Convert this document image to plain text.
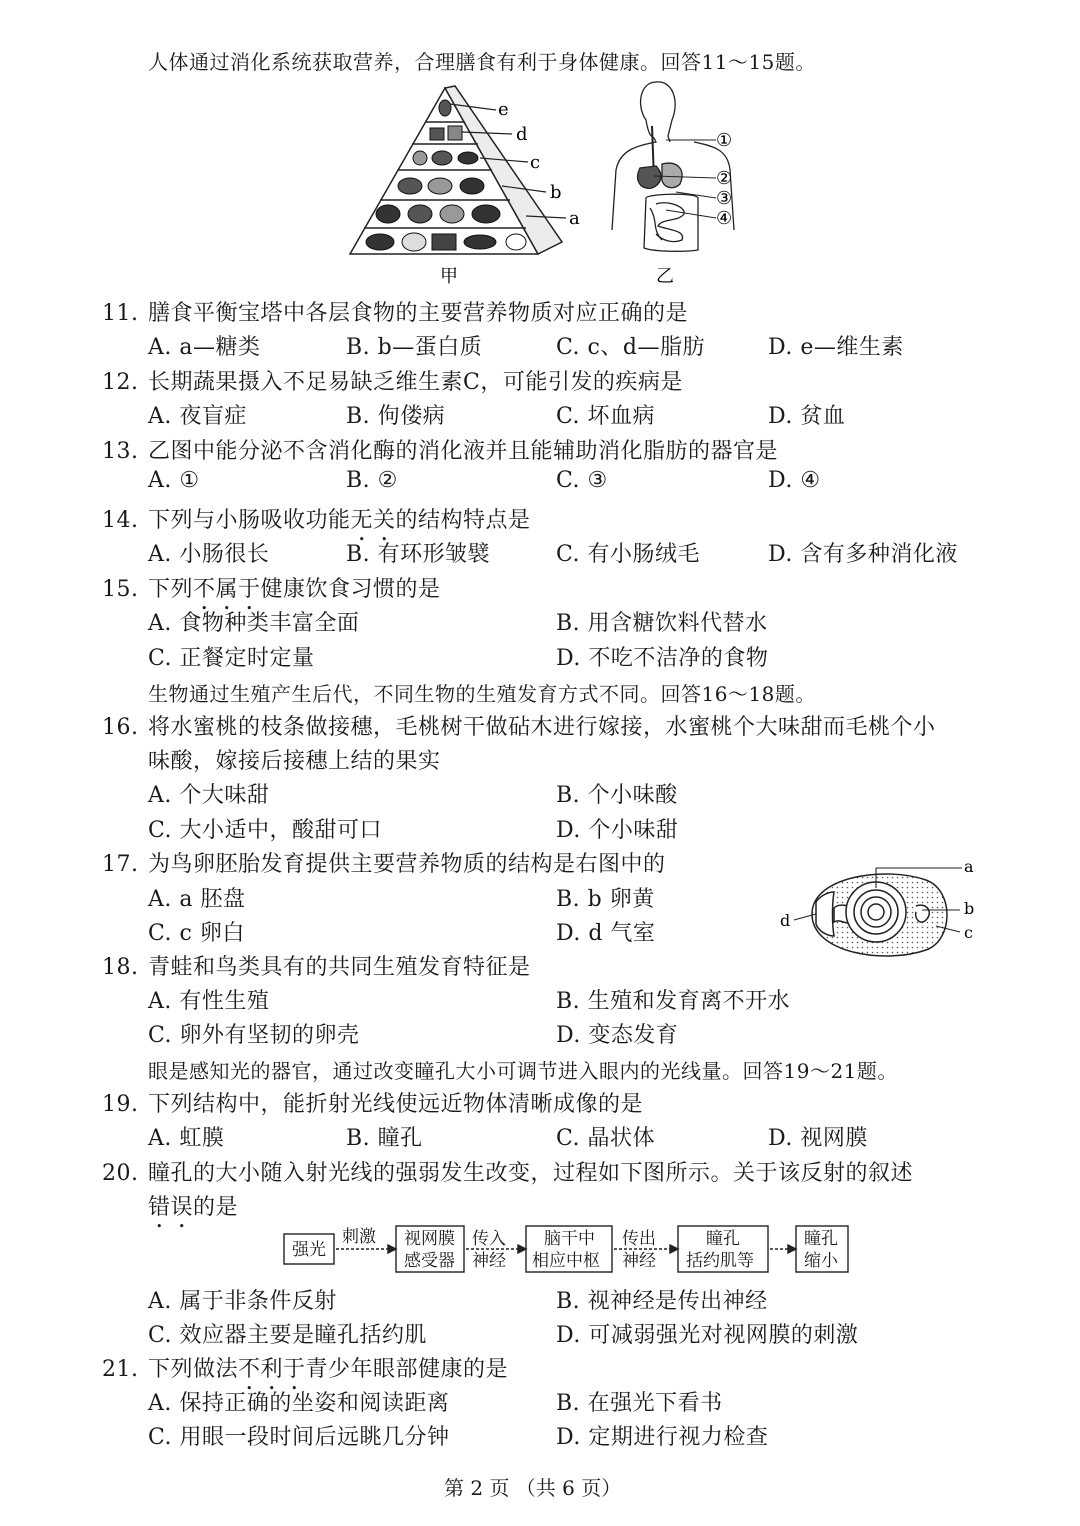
人体通过消化系统获取营养，合理膳食有利于身体健康。回答11～15题。
e
d
c
b
a
甲
①
②
③
④
乙
11. 膳食平衡宝塔中各层食物的主要营养物质对应正确的是
A. a—糖类	B. b—蛋白质	C. c、d—脂肪	D. e—维生素
12. 长期蔬果摄入不足易缺乏维生素C，可能引发的疾病是
A. 夜盲症	B. 佝偻病	C. 坏血病	D. 贫血
13. 乙图中能分泌不含消化酶的消化液并且能辅助消化脂肪的器官是
A. ①	B. ②	C. ③	D. ④
14. 下列与小肠吸收功能无关的结构特点是
A. 小肠很长	B. 有环形皱襞	C. 有小肠绒毛	D. 含有多种消化液
15. 下列不属于健康饮食习惯的是
A. 食物种类丰富全面	B. 用含糖饮料代替水
C. 正餐定时定量	D. 不吃不洁净的食物
生物通过生殖产生后代，不同生物的生殖发育方式不同。回答16～18题。
16. 将水蜜桃的枝条做接穗，毛桃树干做砧木进行嫁接，水蜜桃个大味甜而毛桃个小
味酸，嫁接后接穗上结的果实
A. 个大味甜	B. 个小味酸
C. 大小适中，酸甜可口	D. 个小味甜
17. 为鸟卵胚胎发育提供主要营养物质的结构是右图中的
A. a 胚盘	B. b 卵黄
C. c 卵白	D. d 气室
a
b
c
d
18. 青蛙和鸟类具有的共同生殖发育特征是
A. 有性生殖	B. 生殖和发育离不开水
C. 卵外有坚韧的卵壳	D. 变态发育
眼是感知光的器官，通过改变瞳孔大小可调节进入眼内的光线量。回答19～21题。
19. 下列结构中，能折射光线使远近物体清晰成像的是
A. 虹膜	B. 瞳孔	C. 晶状体	D. 视网膜
20. 瞳孔的大小随入射光线的强弱发生改变，过程如下图所示。关于该反射的叙述
错误的是
强光
刺激 视网膜
感受器
传入
神经
脑干中
相应中枢
传出
神经
瞳孔
括约肌等
瞳孔
缩小
A. 属于非条件反射	B. 视神经是传出神经
C. 效应器主要是瞳孔括约肌	D. 可减弱强光对视网膜的刺激
21. 下列做法不利于青少年眼部健康的是
A. 保持正确的坐姿和阅读距离	B. 在强光下看书
C. 用眼一段时间后远眺几分钟	D. 定期进行视力检查
第 2 页 （共 6 页）
